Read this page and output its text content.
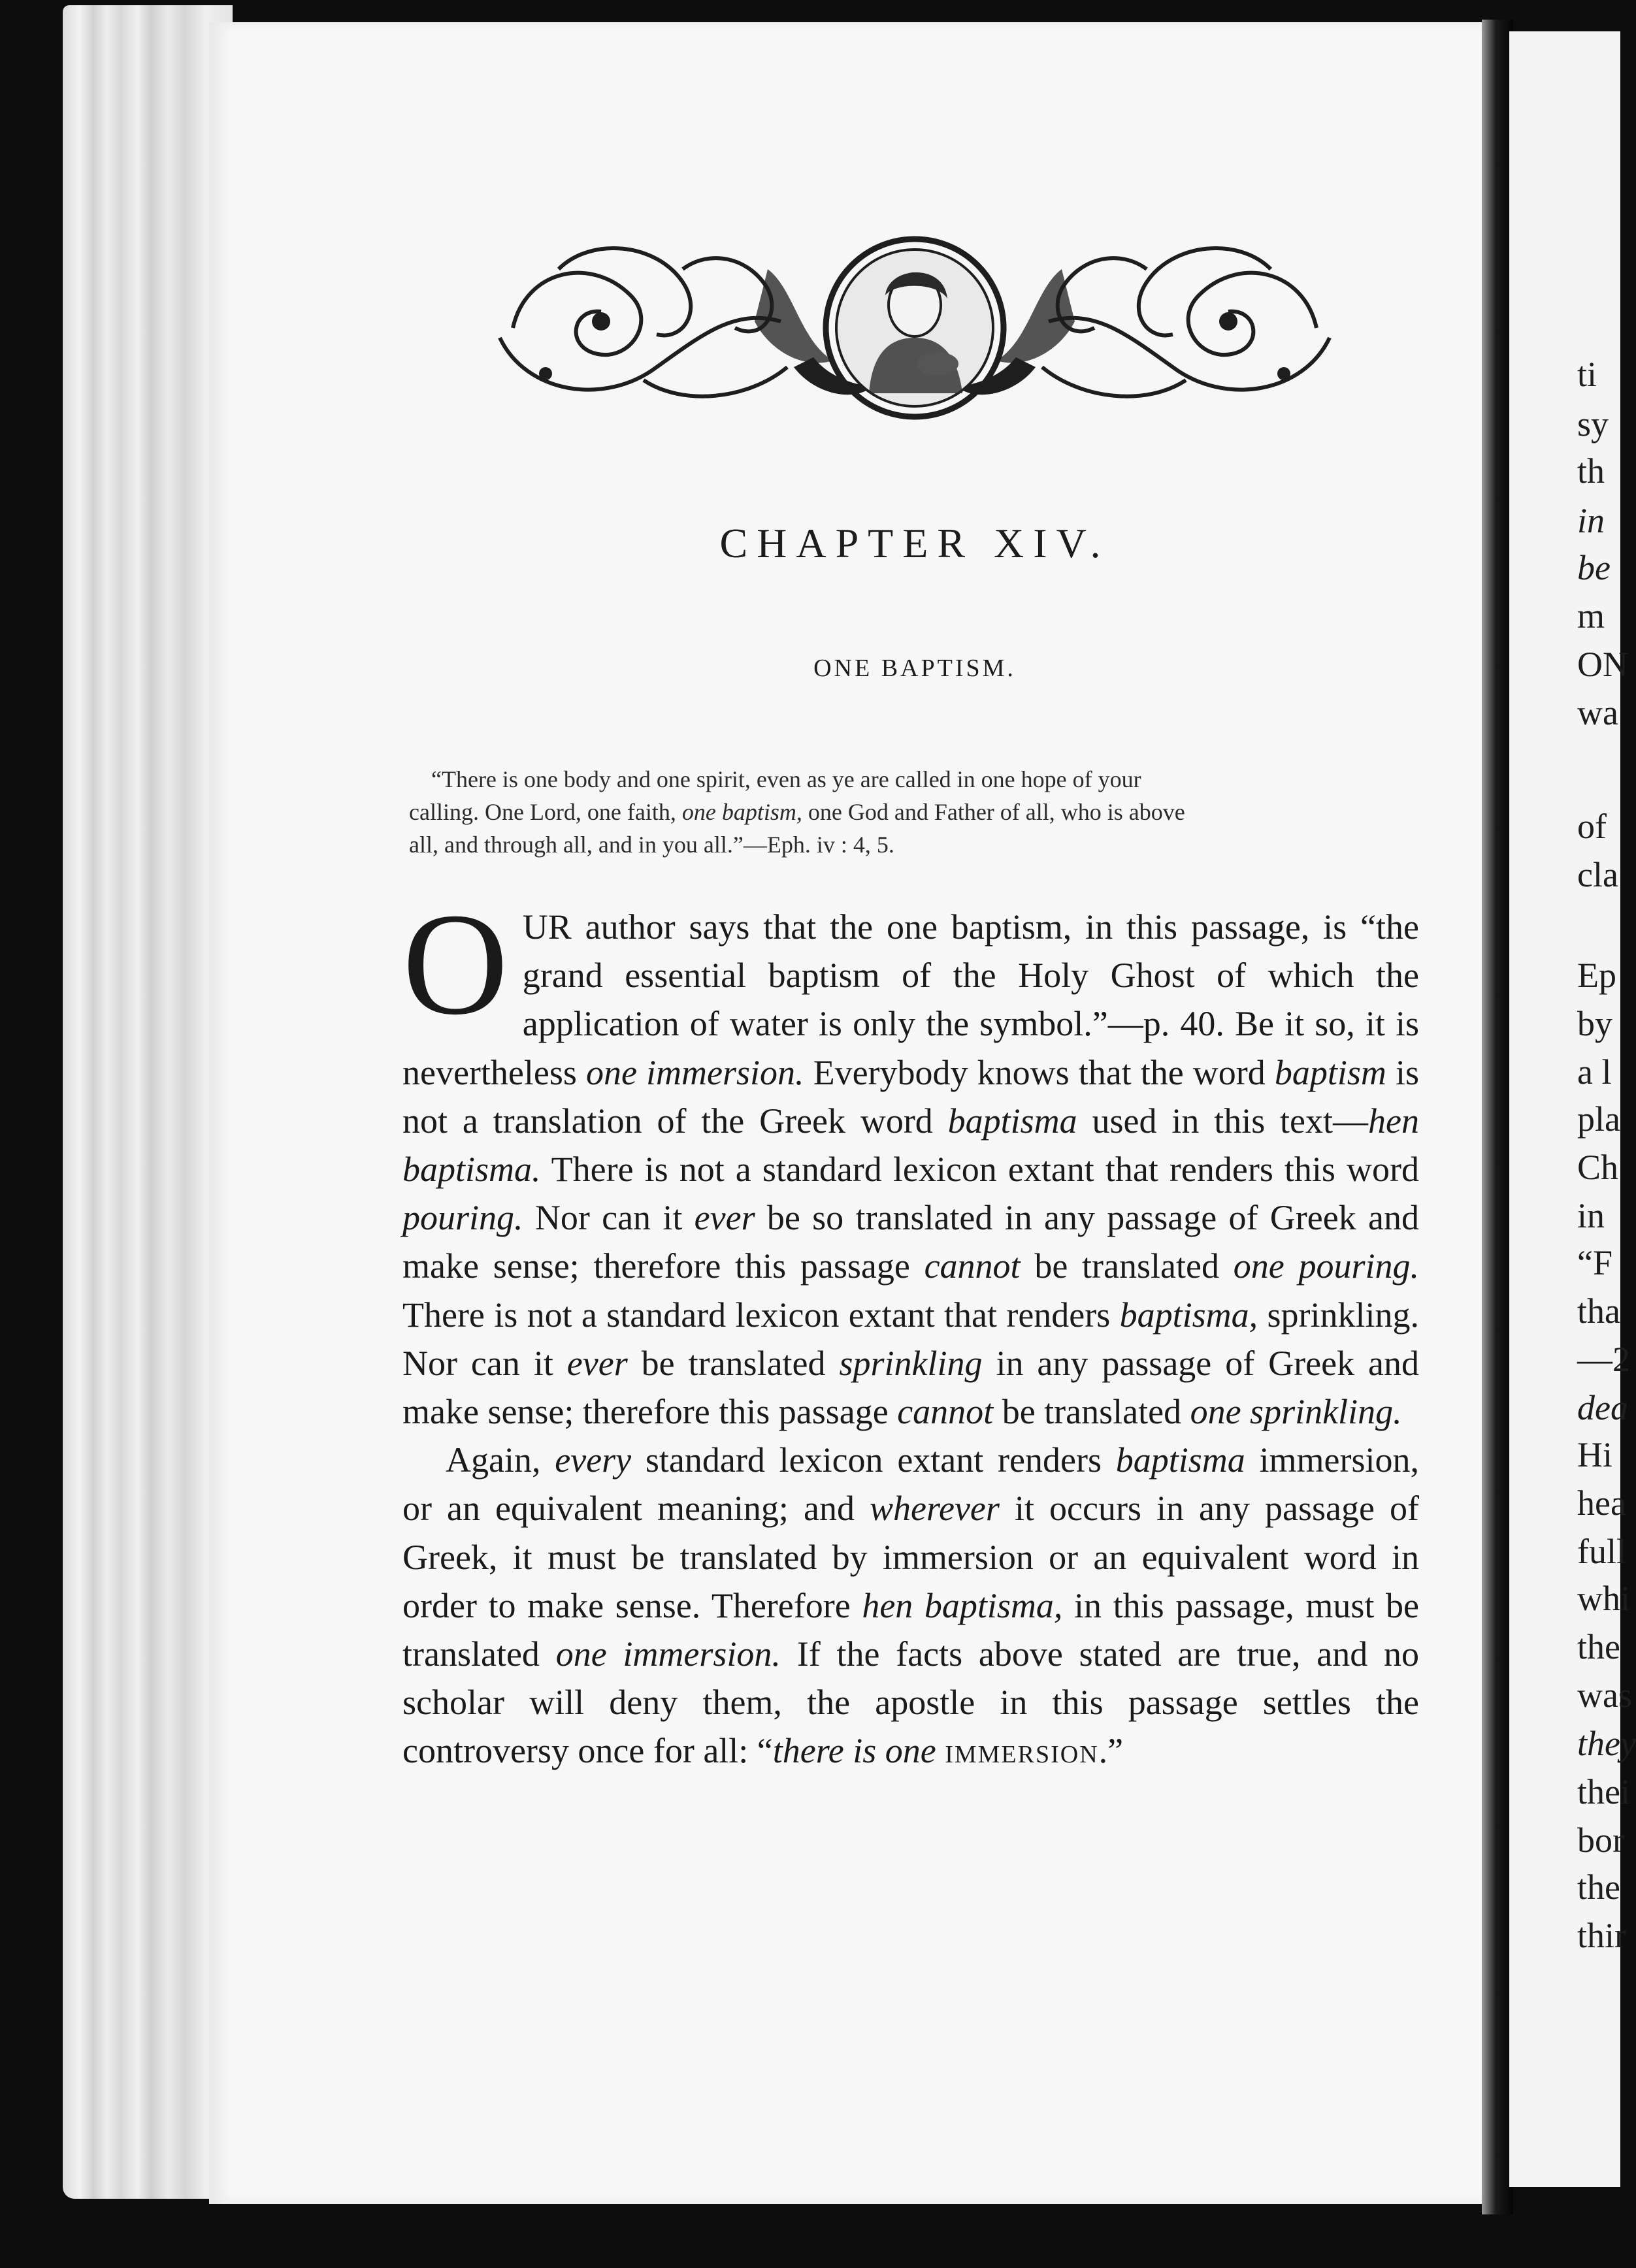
CHAPTER XIV.
ONE BAPTISM.
“There is one body and one spirit, even as ye are called in one hope of your
calling. One Lord, one faith, one baptism, one God and Father of all, who is above
all, and through all, and in you all.”—Eph. iv : 4, 5.

OUR author says that the one baptism, in this passage, is “the grand essential baptism of the Holy Ghost of which the application of water is only the symbol.”—p. 40. Be it so, it is nevertheless one immersion. Everybody knows that the word baptism is not a translation of the Greek word baptisma used in this text—hen baptisma. There is not a standard lexicon extant that renders this word pouring. Nor can it ever be so translated in any passage of Greek and make sense; therefore this passage cannot be translated one pouring. There is not a standard lexicon extant that renders baptisma, sprinkling. Nor can it ever be translated sprinkling in any passage of Greek and make sense; therefore this passage cannot be translated one sprinkling.

Again, every standard lexicon extant renders baptisma immersion, or an equivalent meaning; and wherever it occurs in any passage of Greek, it must be translated by immersion or an equivalent word in order to make sense. Therefore hen baptisma, in this passage, must be translated one immersion. If the facts above stated are true, and no scholar will deny them, the apostle in this passage settles the controversy once for all: “there is one immersion.”

ti
sy
th
in
be
m
ON
wa
of
cla
Ep
by
a l
pla
Ch
in
“F
tha
—2
dea
Hi
hea
full
whi
the
was
they
thei
bor
the
thir
